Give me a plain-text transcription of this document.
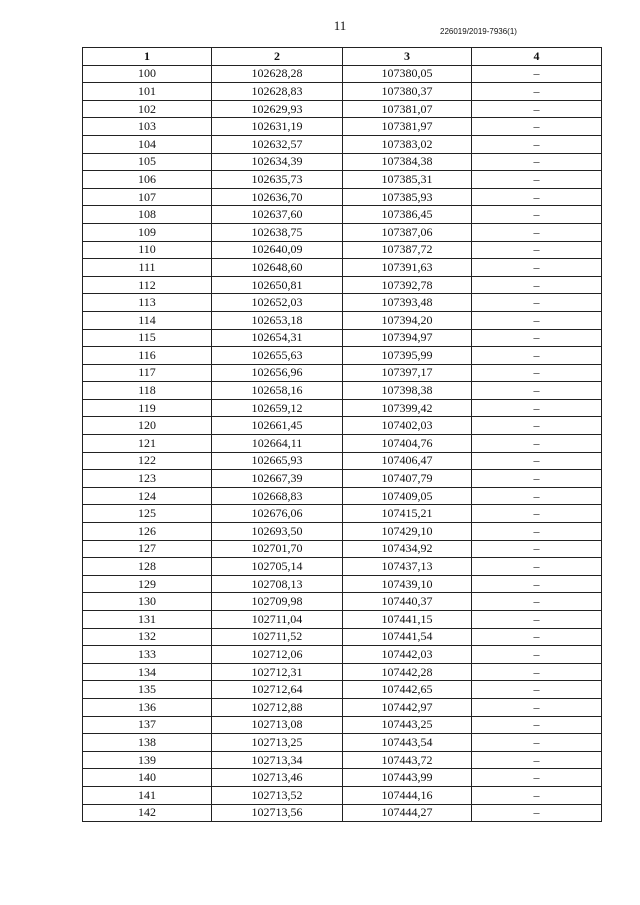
11	226019/2019-7936(1)
1	2	3	4
100	102628,28	107380,05	–
101	102628,83	107380,37	–
102	102629,93	107381,07	–
103	102631,19	107381,97	–
104	102632,57	107383,02	–
105	102634,39	107384,38	–
106	102635,73	107385,31	–
107	102636,70	107385,93	–
108	102637,60	107386,45	–
109	102638,75	107387,06	–
110	102640,09	107387,72	–
111	102648,60	107391,63	–
112	102650,81	107392,78	–
113	102652,03	107393,48	–
114	102653,18	107394,20	–
115	102654,31	107394,97	–
116	102655,63	107395,99	–
117	102656,96	107397,17	–
118	102658,16	107398,38	–
119	102659,12	107399,42	–
120	102661,45	107402,03	–
121	102664,11	107404,76	–
122	102665,93	107406,47	–
123	102667,39	107407,79	–
124	102668,83	107409,05	–
125	102676,06	107415,21	–
126	102693,50	107429,10	–
127	102701,70	107434,92	–
128	102705,14	107437,13	–
129	102708,13	107439,10	–
130	102709,98	107440,37	–
131	102711,04	107441,15	–
132	102711,52	107441,54	–
133	102712,06	107442,03	–
134	102712,31	107442,28	–
135	102712,64	107442,65	–
136	102712,88	107442,97	–
137	102713,08	107443,25	–
138	102713,25	107443,54	–
139	102713,34	107443,72	–
140	102713,46	107443,99	–
141	102713,52	107444,16	–
142	102713,56	107444,27	–
